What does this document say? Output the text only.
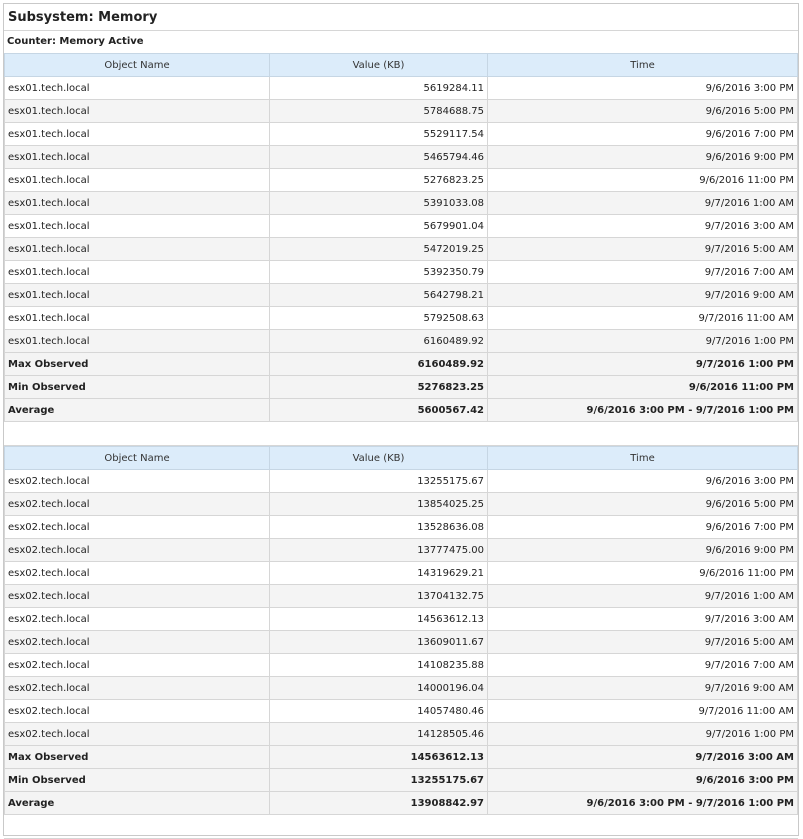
Subsystem: Memory
Counter: Memory Active
Object Name	Value (KB)	Time
esx01.tech.local	5619284.11	9/6/2016 3:00 PM
esx01.tech.local	5784688.75	9/6/2016 5:00 PM
esx01.tech.local	5529117.54	9/6/2016 7:00 PM
esx01.tech.local	5465794.46	9/6/2016 9:00 PM
esx01.tech.local	5276823.25	9/6/2016 11:00 PM
esx01.tech.local	5391033.08	9/7/2016 1:00 AM
esx01.tech.local	5679901.04	9/7/2016 3:00 AM
esx01.tech.local	5472019.25	9/7/2016 5:00 AM
esx01.tech.local	5392350.79	9/7/2016 7:00 AM
esx01.tech.local	5642798.21	9/7/2016 9:00 AM
esx01.tech.local	5792508.63	9/7/2016 11:00 AM
esx01.tech.local	6160489.92	9/7/2016 1:00 PM
Max Observed	6160489.92	9/7/2016 1:00 PM
Min Observed	5276823.25	9/6/2016 11:00 PM
Average	5600567.42	9/6/2016 3:00 PM - 9/7/2016 1:00 PM
Object Name	Value (KB)	Time
esx02.tech.local	13255175.67	9/6/2016 3:00 PM
esx02.tech.local	13854025.25	9/6/2016 5:00 PM
esx02.tech.local	13528636.08	9/6/2016 7:00 PM
esx02.tech.local	13777475.00	9/6/2016 9:00 PM
esx02.tech.local	14319629.21	9/6/2016 11:00 PM
esx02.tech.local	13704132.75	9/7/2016 1:00 AM
esx02.tech.local	14563612.13	9/7/2016 3:00 AM
esx02.tech.local	13609011.67	9/7/2016 5:00 AM
esx02.tech.local	14108235.88	9/7/2016 7:00 AM
esx02.tech.local	14000196.04	9/7/2016 9:00 AM
esx02.tech.local	14057480.46	9/7/2016 11:00 AM
esx02.tech.local	14128505.46	9/7/2016 1:00 PM
Max Observed	14563612.13	9/7/2016 3:00 AM
Min Observed	13255175.67	9/6/2016 3:00 PM
Average	13908842.97	9/6/2016 3:00 PM - 9/7/2016 1:00 PM
